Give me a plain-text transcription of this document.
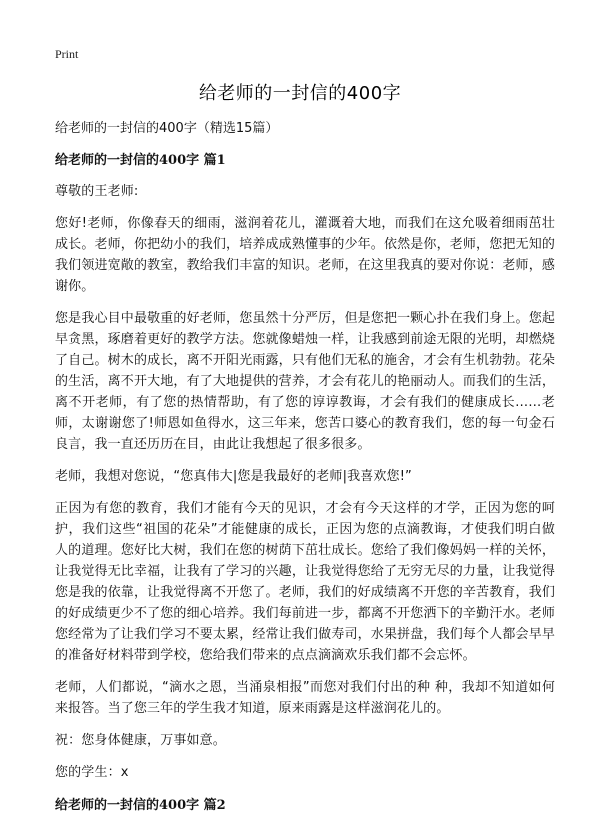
Print
给老师的一封信的400字

给老师的一封信的400字（精选15篇）

给老师的一封信的400字 篇1

尊敬的王老师:

您好!老师，你像春天的细雨，滋润着花儿，灌溉着大地，而我们在这允吸着细雨茁壮成长。老师，你把幼小的我们，培养成成熟懂事的少年。依然是你，老师，您把无知的我们领进宽敞的教室，教给我们丰富的知识。老师，在这里我真的要对你说：老师，感谢你。

您是我心目中最敬重的好老师，您虽然十分严厉，但是您把一颗心扑在我们身上。您起早贪黑，琢磨着更好的教学方法。您就像蜡烛一样，让我感到前途无限的光明，却燃烧了自己。树木的成长，离不开阳光雨露，只有他们无私的施舍，才会有生机勃勃。花朵的生活，离不开大地，有了大地提供的营养，才会有花儿的艳丽动人。而我们的生活，离不开老师，有了您的热情帮助，有了您的谆谆教诲，才会有我们的健康成长……老师，太谢谢您了!师恩如鱼得水，这三年来，您苦口婆心的教育我们，您的每一句金石良言，我一直还历历在目，由此让我想起了很多很多。

老师，我想对您说，“您真伟大|您是我最好的老师|我喜欢您!”

正因为有您的教育，我们才能有今天的见识，才会有今天这样的才学，正因为您的呵护，我们这些“祖国的花朵”才能健康的成长，正因为您的点滴教诲，才使我们明白做人的道理。您好比大树，我们在您的树荫下茁壮成长。您给了我们像妈妈一样的关怀，让我觉得无比幸福，让我有了学习的兴趣，让我觉得您给了无穷无尽的力量，让我觉得您是我的依靠，让我觉得离不开您了。老师，我们的好成绩离不开您的辛苦教育，我们的好成绩更少不了您的细心培养。我们每前进一步，都离不开您洒下的辛勤汗水。老师您经常为了让我们学习不要太累，经常让我们做寿司，水果拼盘，我们每个人都会早早的准备好材料带到学校，您给我们带来的点点滴滴欢乐我们都不会忘怀。

老师，人们都说，“滴水之恩，当涌泉相报”而您对我们付出的种 种，我却不知道如何来报答。当了您三年的学生我才知道，原来雨露是这样滋润花儿的。

祝：您身体健康，万事如意。

您的学生：x

给老师的一封信的400字 篇2
